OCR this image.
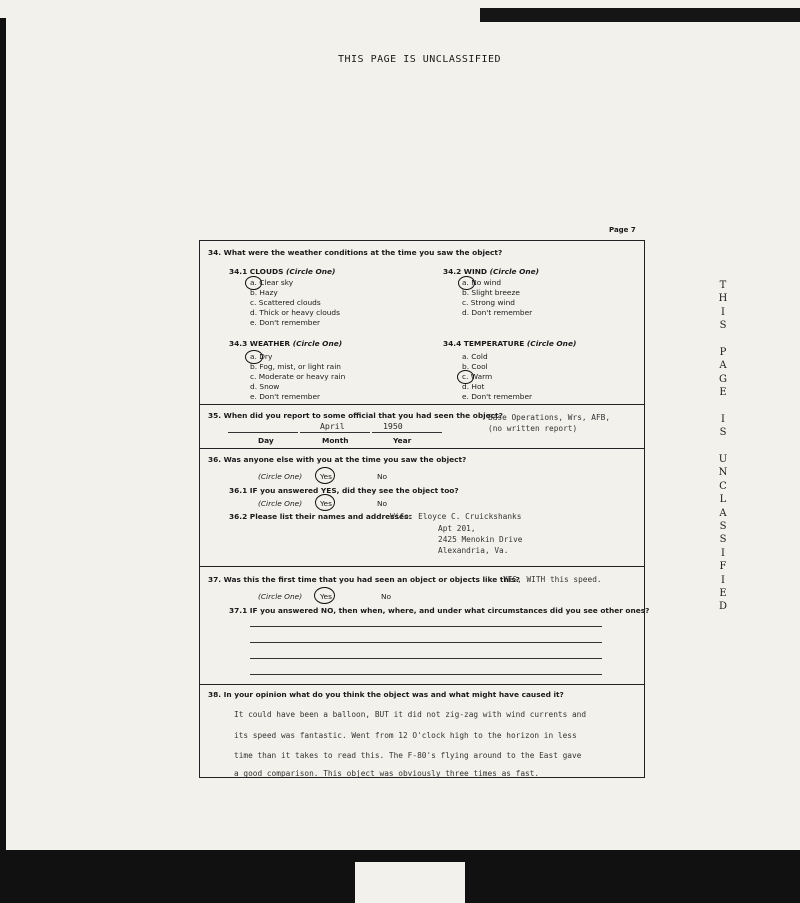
THIS PAGE IS UNCLASSIFIED
Page 7
T
H
I
S
P
A
G
E
I
S
U
N
C
L
A
S
S
I
F
I
E
D
34. What were the weather conditions at the time you saw the object?
34.1 CLOUDS (Circle One)
a. Clear sky
b. Hazy
c. Scattered clouds
d. Thick or heavy clouds
e. Don't remember
34.2 WIND (Circle One)
a. No wind
b. Slight breeze
c. Strong wind
d. Don't remember
34.3 WEATHER (Circle One)
a. Dry
b. Fog, mist, or light rain
c. Moderate or heavy rain
d. Snow
e. Don't remember
34.4 TEMPERATURE (Circle One)
a. Cold
b. Cool
c. Warm
d. Hot
e. Don't remember
35. When did you report to some official that you had seen the object?
April	1950
Day	Month	Year
Base Operations, Wrs, AFB,
(no written report)
36. Was anyone else with you at the time you saw the object?
(Circle One) Yes	No
36.1 IF you answered YES, did they see the object too?
(Circle One) Yes	No
36.2 Please list their names and addresses:
Wife: Eloyce C. Cruickshanks
Apt 201,
2425 Menokin Drive
Alexandria, Va.
37. Was this the first time that you had seen an object or objects like this?
YES, WITH this speed.
(Circle One) Yes	No
37.1 IF you answered NO, then when, where, and under what circumstances did you see other ones?
38. In your opinion what do you think the object was and what might have caused it?
It could have been a balloon, BUT it did not zig-zag with wind currents and
its speed was fantastic. Went from 12 O'clock high to the horizon in less
time than it takes to read this. The F-80's flying around to the East gave
a good comparison. This object was obviously three times as fast.
